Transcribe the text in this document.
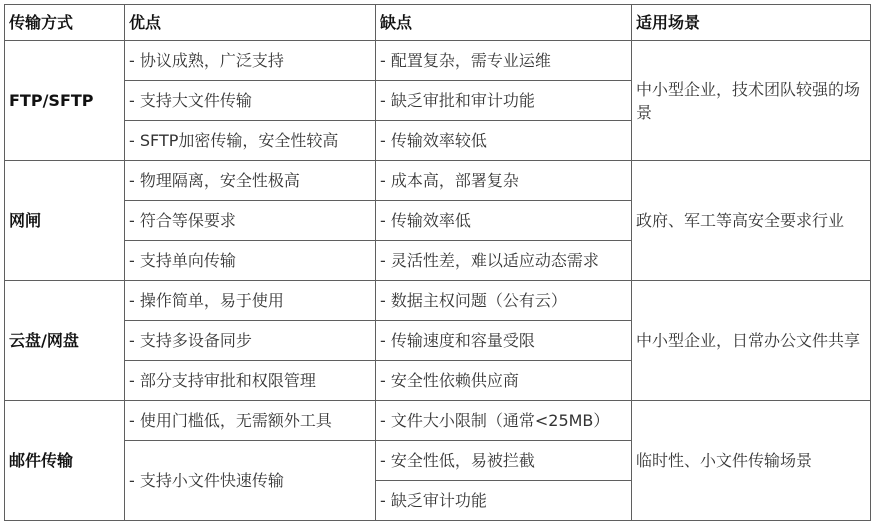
传输方式	优点	缺点	适用场景
FTP/SFTP	- 协议成熟，广泛支持	- 配置复杂，需专业运维	中小型企业，技术团队较强的场景

	- 支持大文件传输	- 缺乏审批和审计功能	

	- SFTP加密传输，安全性较高	- 传输效率较低	

网闸	- 物理隔离，安全性极高	- 成本高，部署复杂	政府、军工等高安全要求行业

	- 符合等保要求	- 传输效率低	

	- 支持单向传输	- 灵活性差，难以适应动态需求	

云盘/网盘	- 操作简单，易于使用	- 数据主权问题（公有云）	中小型企业，日常办公文件共享

	- 支持多设备同步	- 传输速度和容量受限	

	- 部分支持审批和权限管理	- 安全性依赖供应商	

邮件传输	- 使用门槛低，无需额外工具	- 文件大小限制（通常<25MB）	临时性、小文件传输场景

	- 支持小文件快速传输	- 安全性低，易被拦截	

		- 缺乏审计功能	
